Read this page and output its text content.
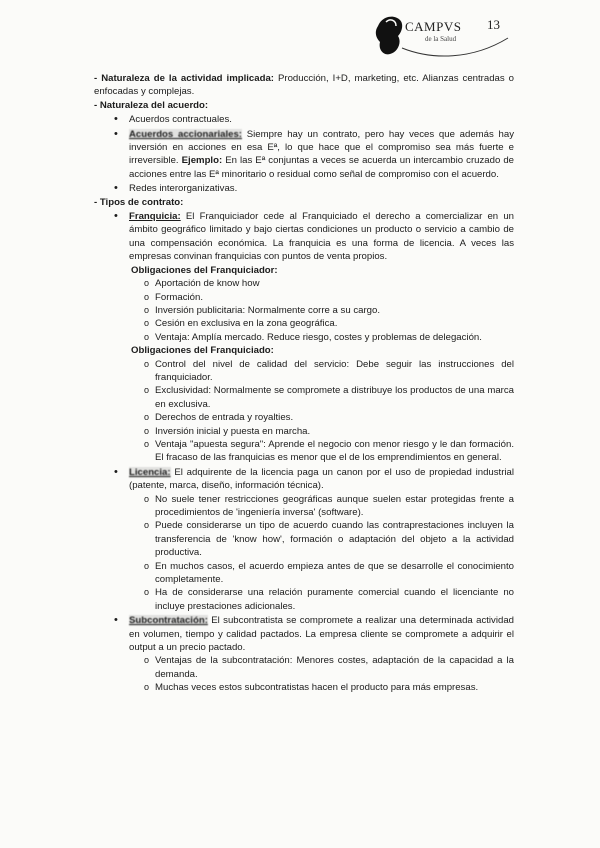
CAMPVS 13
de la Salud

- Naturaleza de la actividad implicada: Producción, I+D, marketing, etc. Alianzas centradas o enfocadas y complejas.

- Naturaleza del acuerdo:

• Acuerdos contractuales.
• Acuerdos accionariales: Siempre hay un contrato, pero hay veces que además hay inversión en acciones en esa Eª, lo que hace que el compromiso sea más fuerte e irreversible. Ejemplo: En las Eª conjuntas a veces se acuerda un intercambio cruzado de acciones entre las Eª minoritario o residual como señal de compromiso con el acuerdo.
• Redes interorganizativas.

- Tipos de contrato:

• Franquicia: El Franquiciador cede al Franquiciado el derecho a comercializar en un ámbito geográfico limitado y bajo ciertas condiciones un producto o servicio a cambio de una compensación económica. La franquicia es una forma de licencia. A veces las empresas convinan franquicias con puntos de venta propios.
Obligaciones del Franquiciador:
o Aportación de know how
o Formación.
o Inversión publicitaria: Normalmente corre a su cargo.
o Cesión en exclusiva en la zona geográfica.
o Ventaja: Amplía mercado. Reduce riesgo, costes y problemas de delegación.
Obligaciones del Franquiciado:
o Control del nivel de calidad del servicio: Debe seguir las instrucciones del franquiciador.
o Exclusividad: Normalmente se compromete a distribuye los productos de una marca en exclusiva.
o Derechos de entrada y royalties.
o Inversión inicial y puesta en marcha.
o Ventaja "apuesta segura": Aprende el negocio con menor riesgo y le dan formación. El fracaso de las franquicias es menor que el de los emprendimientos en general.
• Licencia: El adquirente de la licencia paga un canon por el uso de propiedad industrial (patente, marca, diseño, información técnica).
o No suele tener restricciones geográficas aunque suelen estar protegidas frente a procedimientos de 'ingeniería inversa' (software).
o Puede considerarse un tipo de acuerdo cuando las contraprestaciones incluyen la transferencia de 'know how', formación o adaptación del objeto a la actividad productiva.
o En muchos casos, el acuerdo empieza antes de que se desarrolle el conocimiento completamente.
o Ha de considerarse una relación puramente comercial cuando el licenciante no incluye prestaciones adicionales.
• Subcontratación: El subcontratista se compromete a realizar una determinada actividad en volumen, tiempo y calidad pactados. La empresa cliente se compromete a adquirir el output a un precio pactado.
o Ventajas de la subcontratación: Menores costes, adaptación de la capacidad a la demanda.
o Muchas veces estos subcontratistas hacen el producto para más empresas.
